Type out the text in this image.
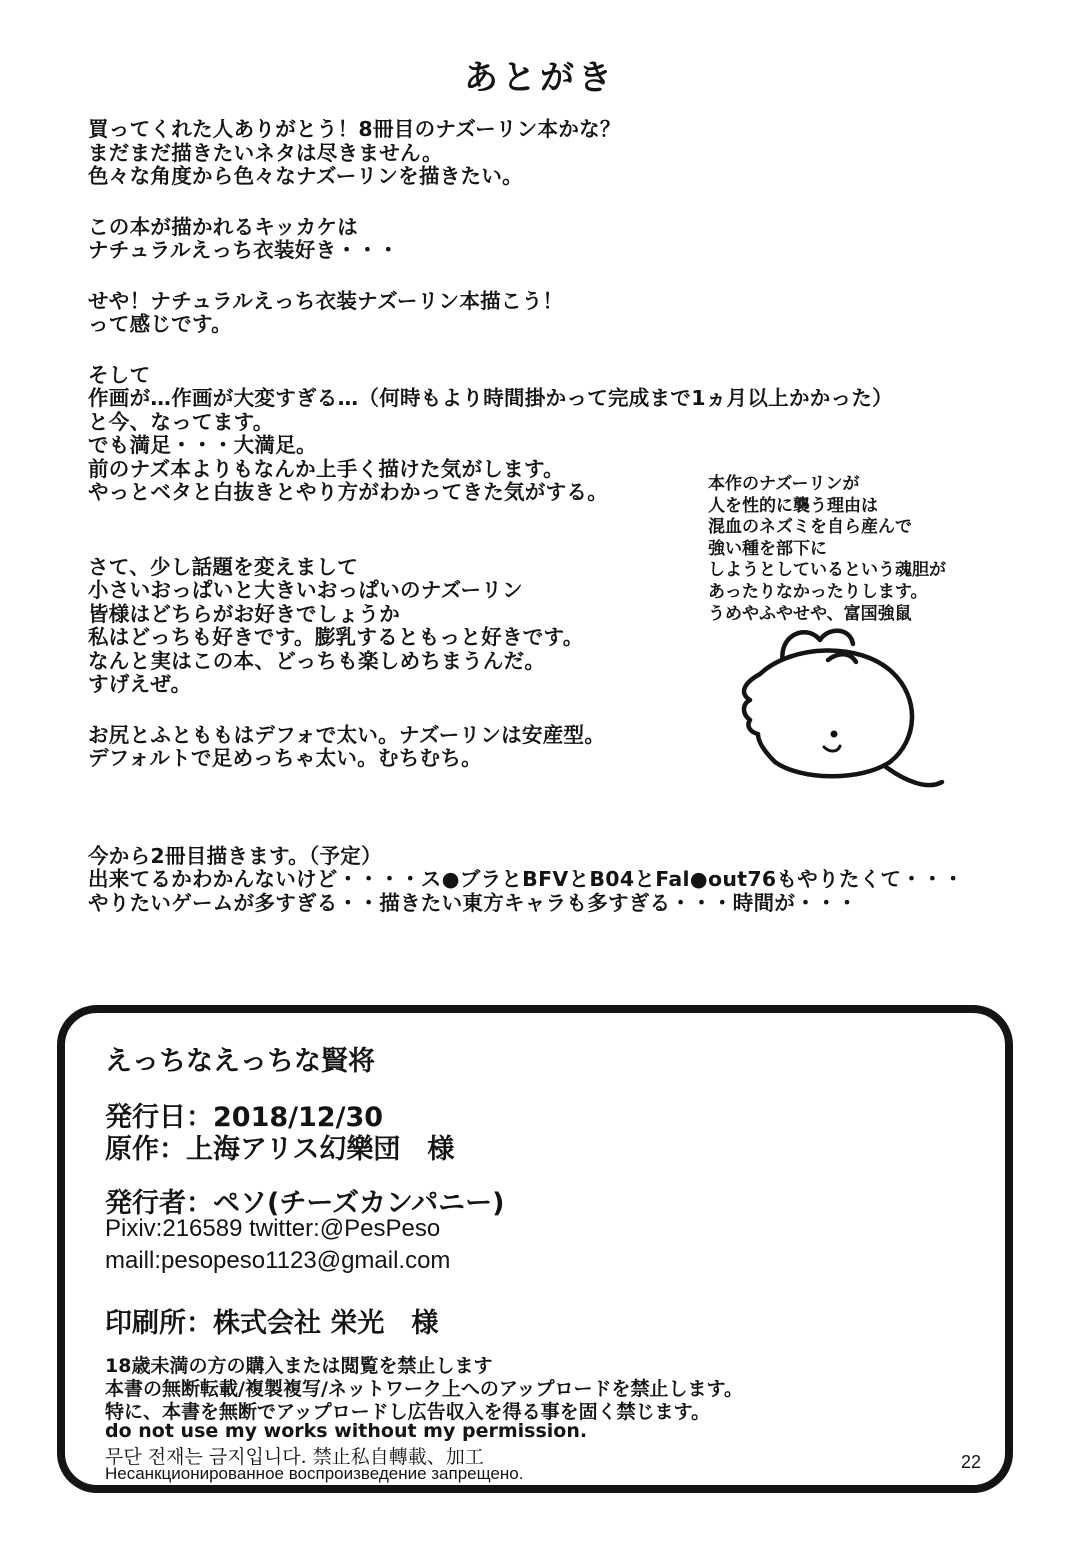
あとがき
買ってくれた人ありがとう！8冊目のナズーリン本かな？
まだまだ描きたいネタは尽きません。
色々な角度から色々なナズーリンを描きたい。
この本が描かれるキッカケは
ナチュラルえっち衣装好き・・・
せや！ナチュラルえっち衣装ナズーリン本描こう！
って感じです。
そして
作画が…作画が大変すぎる…（何時もより時間掛かって完成まで1ヵ月以上かかった）
と今、なってます。
でも満足・・・大満足。
前のナズ本よりもなんか上手く描けた気がします。
やっとベタと白抜きとやり方がわかってきた気がする。
さて、少し話題を変えまして
小さいおっぱいと大きいおっぱいのナズーリン
皆様はどちらがお好きでしょうか
私はどっちも好きです。膨乳するともっと好きです。
なんと実はこの本、どっちも楽しめちまうんだ。
すげえぜ。
お尻とふとももはデフォで太い。ナズーリンは安産型。
デフォルトで足めっちゃ太い。むちむち。
今から2冊目描きます。（予定）
出来てるかわかんないけど・・・・ス●ブラとBFⅤとB04とFal●out76もやりたくて・・・
やりたいゲームが多すぎる・・描きたい東方キャラも多すぎる・・・時間が・・・
本作のナズーリンが
人を性的に襲う理由は
混血のネズミを自ら産んで
強い種を部下に
しようとしているという魂胆が
あったりなかったりします。
うめやふやせや、富国強鼠
えっちなえっちな賢将
発行日：2018/12/30
原作：上海アリス幻樂団　様
発行者：ペソ(チーズカンパニー)
Pixiv:216589 twitter:@PesPeso
maill:pesopeso1123@gmail.com
印刷所：株式会社 栄光　様
18歳未満の方の購入または閲覧を禁止します
本書の無断転載/複製複写/ネットワーク上へのアップロードを禁止します。
特に、本書を無断でアップロードし広告収入を得る事を固く禁じます。
do not use my works without my permission.
무단 전재는 금지입니다. 禁止私自轉載、加工
Несанкционированное воспроизведение запрещено.
22
